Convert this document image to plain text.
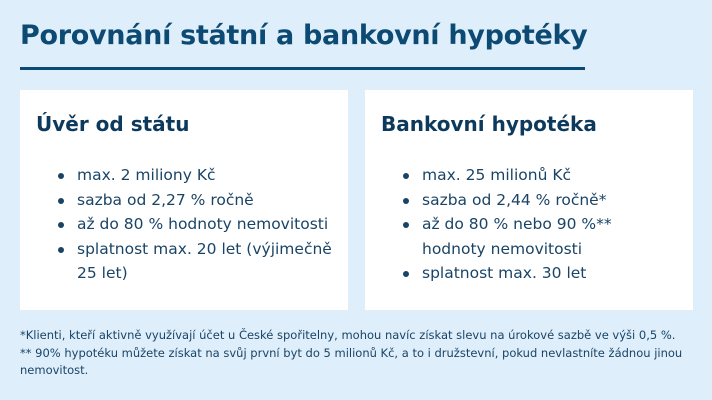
Porovnání státní a bankovní hypotéky
Úvěr od státu
max. 2 miliony Kč
sazba od 2,27 % ročně
až do 80 % hodnoty nemovitosti
splatnost max. 20 let (výjimečně 25 let)
Bankovní hypotéka
max. 25 milionů Kč
sazba od 2,44 % ročně*
až do 80 % nebo 90 %** hodnoty nemovitosti
splatnost max. 30 let

*Klienti, kteří aktivně využívají účet u České spořitelny, mohou navíc získat slevu na úrokové sazbě ve výši 0,5 %.

** 90% hypotéku můžete získat na svůj první byt do 5 milionů Kč, a to i družstevní, pokud nevlastníte žádnou jinou nemovitost.
